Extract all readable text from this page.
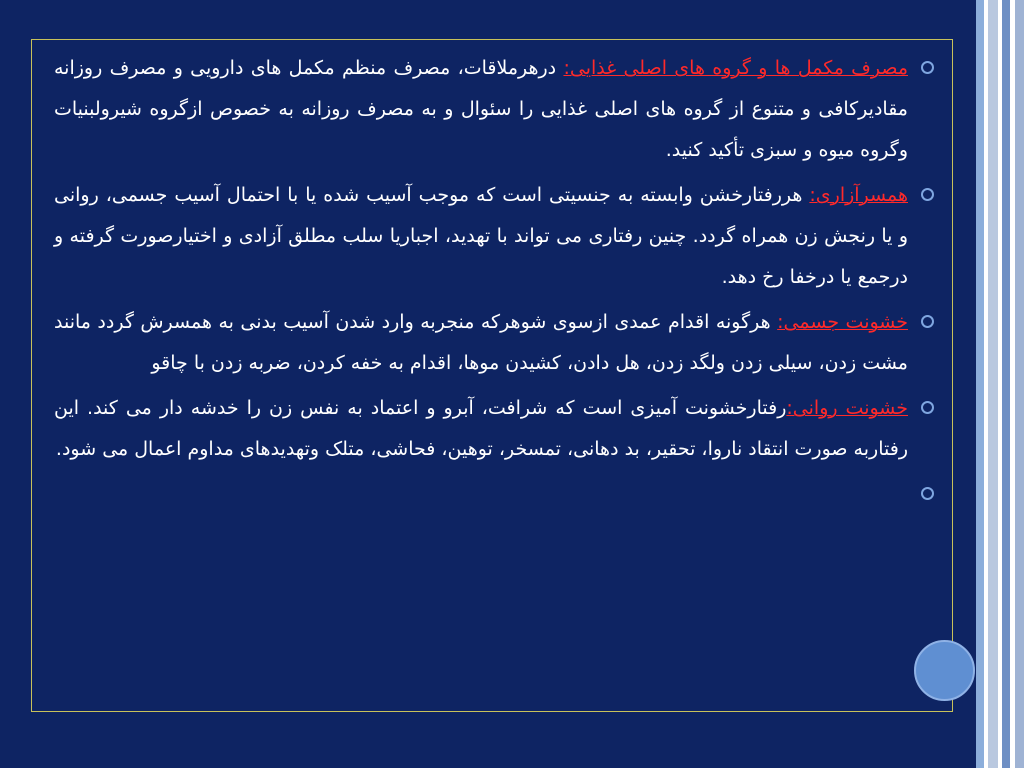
مصرف مکمل ها و گروه های اصلی غذایی: درهرملاقات، مصرف منظم مکمل های دارویی و مصرف روزانه مقادیرکافی و متنوع از گروه های اصلی غذایی را سئوال و به مصرف روزانه به خصوص ازگروه شیرولبنیات وگروه میوه و سبزی تأکید کنید.
همسرآزاری: هررفتارخشن وابسته به جنسیتی است که موجب آسیب شده یا با احتمال آسیب جسمی، روانی و یا رنجش زن همراه گردد. چنین رفتاری می تواند با تهدید، اجباریا سلب مطلق آزادی و اختیارصورت گرفته و درجمع یا درخفا رخ دهد.
خشونت جسمی: هرگونه اقدام عمدی ازسوی شوهرکه منجربه وارد شدن آسیب بدنی به همسرش گردد مانند مشت زدن، سیلی زدن ولگد زدن، هل دادن، کشیدن موها، اقدام به خفه کردن، ضربه زدن با چاقو
خشونت روانی:رفتارخشونت آمیزی است که شرافت، آبرو و اعتماد به نفس زن را خدشه دار می کند. این رفتاربه صورت انتقاد ناروا، تحقیر، بد دهانی، تمسخر، توهین، فحاشی، متلک وتهدیدهای مداوم اعمال می شود.
